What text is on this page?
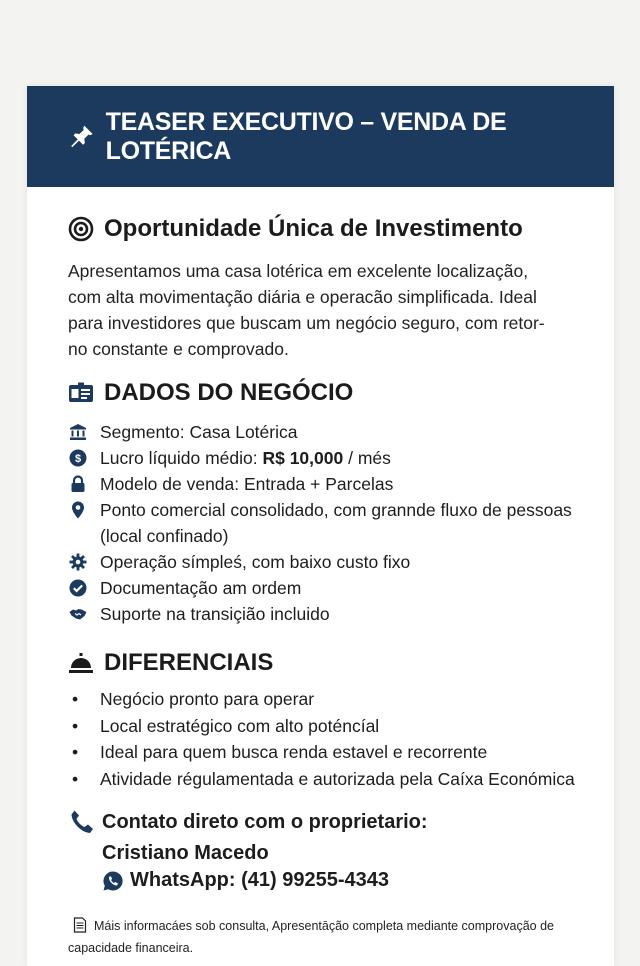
TEASER EXECUTIVO – VENDA DE LOTÉRICA
Oportunidade Única de Investimento
Apresentamos uma casa lotérica em excelente localização,
com alta movimentação diária e operacão simplificada. Ideal
para investidores que buscam um negócio seguro, com retor-
no constante e comprovado.
DADOS DO NEGÓCIO
Segmento: Casa Lotérica
$ Lucro líquido médio: R$ 10,000 / més
Modelo de venda: Entrada + Parcelas
Ponto comercial consolidado, com grannde fluxo de pessoas (local confinado)
Operação símpleś, com baixo custo fixo
Documentação am ordem
Suporte na transiçião incluido
DIFERENCIAIS
•	Negócio pronto para operar
•	Local estratégico com alto poténcíal
•	Ideal para quem busca renda estavel e recorrente
•	Atividade régulamentada e autorizada pela Caíxa Económica
Contato direto com o proprietario:
Cristiano Macedo
WhatsApp: (41) 99255-4343
Máis informacáes sob consulta, Apresentāção completa mediante comprovação de capacidade financeira.
